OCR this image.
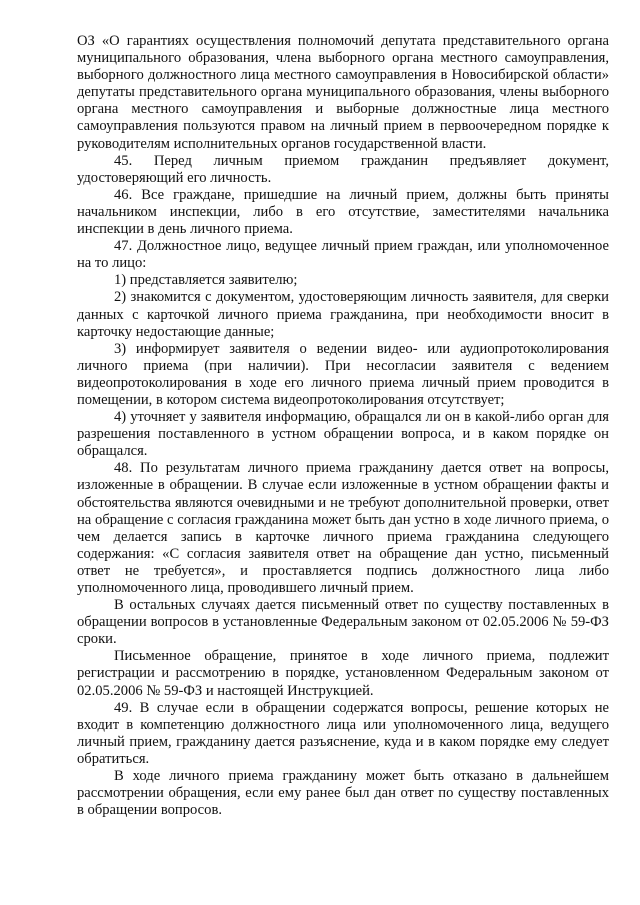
ОЗ «О гарантиях осуществления полномочий депутата представительного органа муниципального образования, члена выборного органа местного самоуправления, выборного должностного лица местного самоуправления в Новосибирской области» депутаты представительного органа муниципального образования, члены выборного органа местного самоуправления и выборные должностные лица местного самоуправления пользуются правом на личный прием в первоочередном порядке к руководителям исполнительных органов государственной власти.

45. Перед личным приемом гражданин предъявляет документ, удостоверяющий его личность.

46. Все граждане, пришедшие на личный прием, должны быть приняты начальником инспекции, либо в его отсутствие, заместителями начальника инспекции в день личного приема.

47. Должностное лицо, ведущее личный прием граждан, или уполномоченное на то лицо:

1) представляется заявителю;

2) знакомится с документом, удостоверяющим личность заявителя, для сверки данных с карточкой личного приема гражданина, при необходимости вносит в карточку недостающие данные;

3) информирует заявителя о ведении видео- или аудиопротоколирования личного приема (при наличии). При несогласии заявителя с ведением видеопротоколирования в ходе его личного приема личный прием проводится в помещении, в котором система видеопротоколирования отсутствует;

4) уточняет у заявителя информацию, обращался ли он в какой-либо орган для разрешения поставленного в устном обращении вопроса, и в каком порядке он обращался.

48. По результатам личного приема гражданину дается ответ на вопросы, изложенные в обращении. В случае если изложенные в устном обращении факты и обстоятельства являются очевидными и не требуют дополнительной проверки, ответ на обращение с согласия гражданина может быть дан устно в ходе личного приема, о чем делается запись в карточке личного приема гражданина следующего содержания: «С согласия заявителя ответ на обращение дан устно, письменный ответ не требуется», и проставляется подпись должностного лица либо уполномоченного лица, проводившего личный прием.

В остальных случаях дается письменный ответ по существу поставленных в обращении вопросов в установленные Федеральным законом от 02.05.2006 № 59-ФЗ сроки.

Письменное обращение, принятое в ходе личного приема, подлежит регистрации и рассмотрению в порядке, установленном Федеральным законом от 02.05.2006 № 59-ФЗ и настоящей Инструкцией.

49. В случае если в обращении содержатся вопросы, решение которых не входит в компетенцию должностного лица или уполномоченного лица, ведущего личный прием, гражданину дается разъяснение, куда и в каком порядке ему следует обратиться.

В ходе личного приема гражданину может быть отказано в дальнейшем рассмотрении обращения, если ему ранее был дан ответ по существу поставленных в обращении вопросов.
